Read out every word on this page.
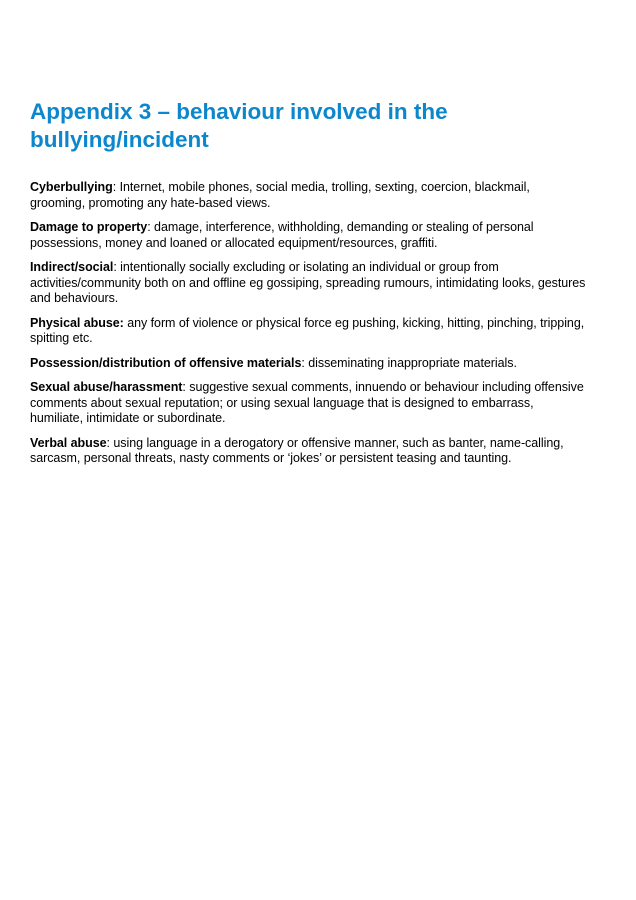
Appendix 3 – behaviour involved in the
bullying/incident

Cyberbullying: Internet, mobile phones, social media, trolling, sexting, coercion, blackmail,
grooming, promoting any hate-based views.

Damage to property: damage, interference, withholding, demanding or stealing of personal
possessions, money and loaned or allocated equipment/resources, graffiti.

Indirect/social: intentionally socially excluding or isolating an individual or group from
activities/community both on and offline eg gossiping, spreading rumours, intimidating looks, gestures
and behaviours.

Physical abuse: any form of violence or physical force eg pushing, kicking, hitting, pinching, tripping,
spitting etc.

Possession/distribution of offensive materials: disseminating inappropriate materials.

Sexual abuse/harassment: suggestive sexual comments, innuendo or behaviour including offensive
comments about sexual reputation; or using sexual language that is designed to embarrass,
humiliate, intimidate or subordinate.

Verbal abuse: using language in a derogatory or offensive manner, such as banter, name-calling,
sarcasm, personal threats, nasty comments or ‘jokes’ or persistent teasing and taunting.
